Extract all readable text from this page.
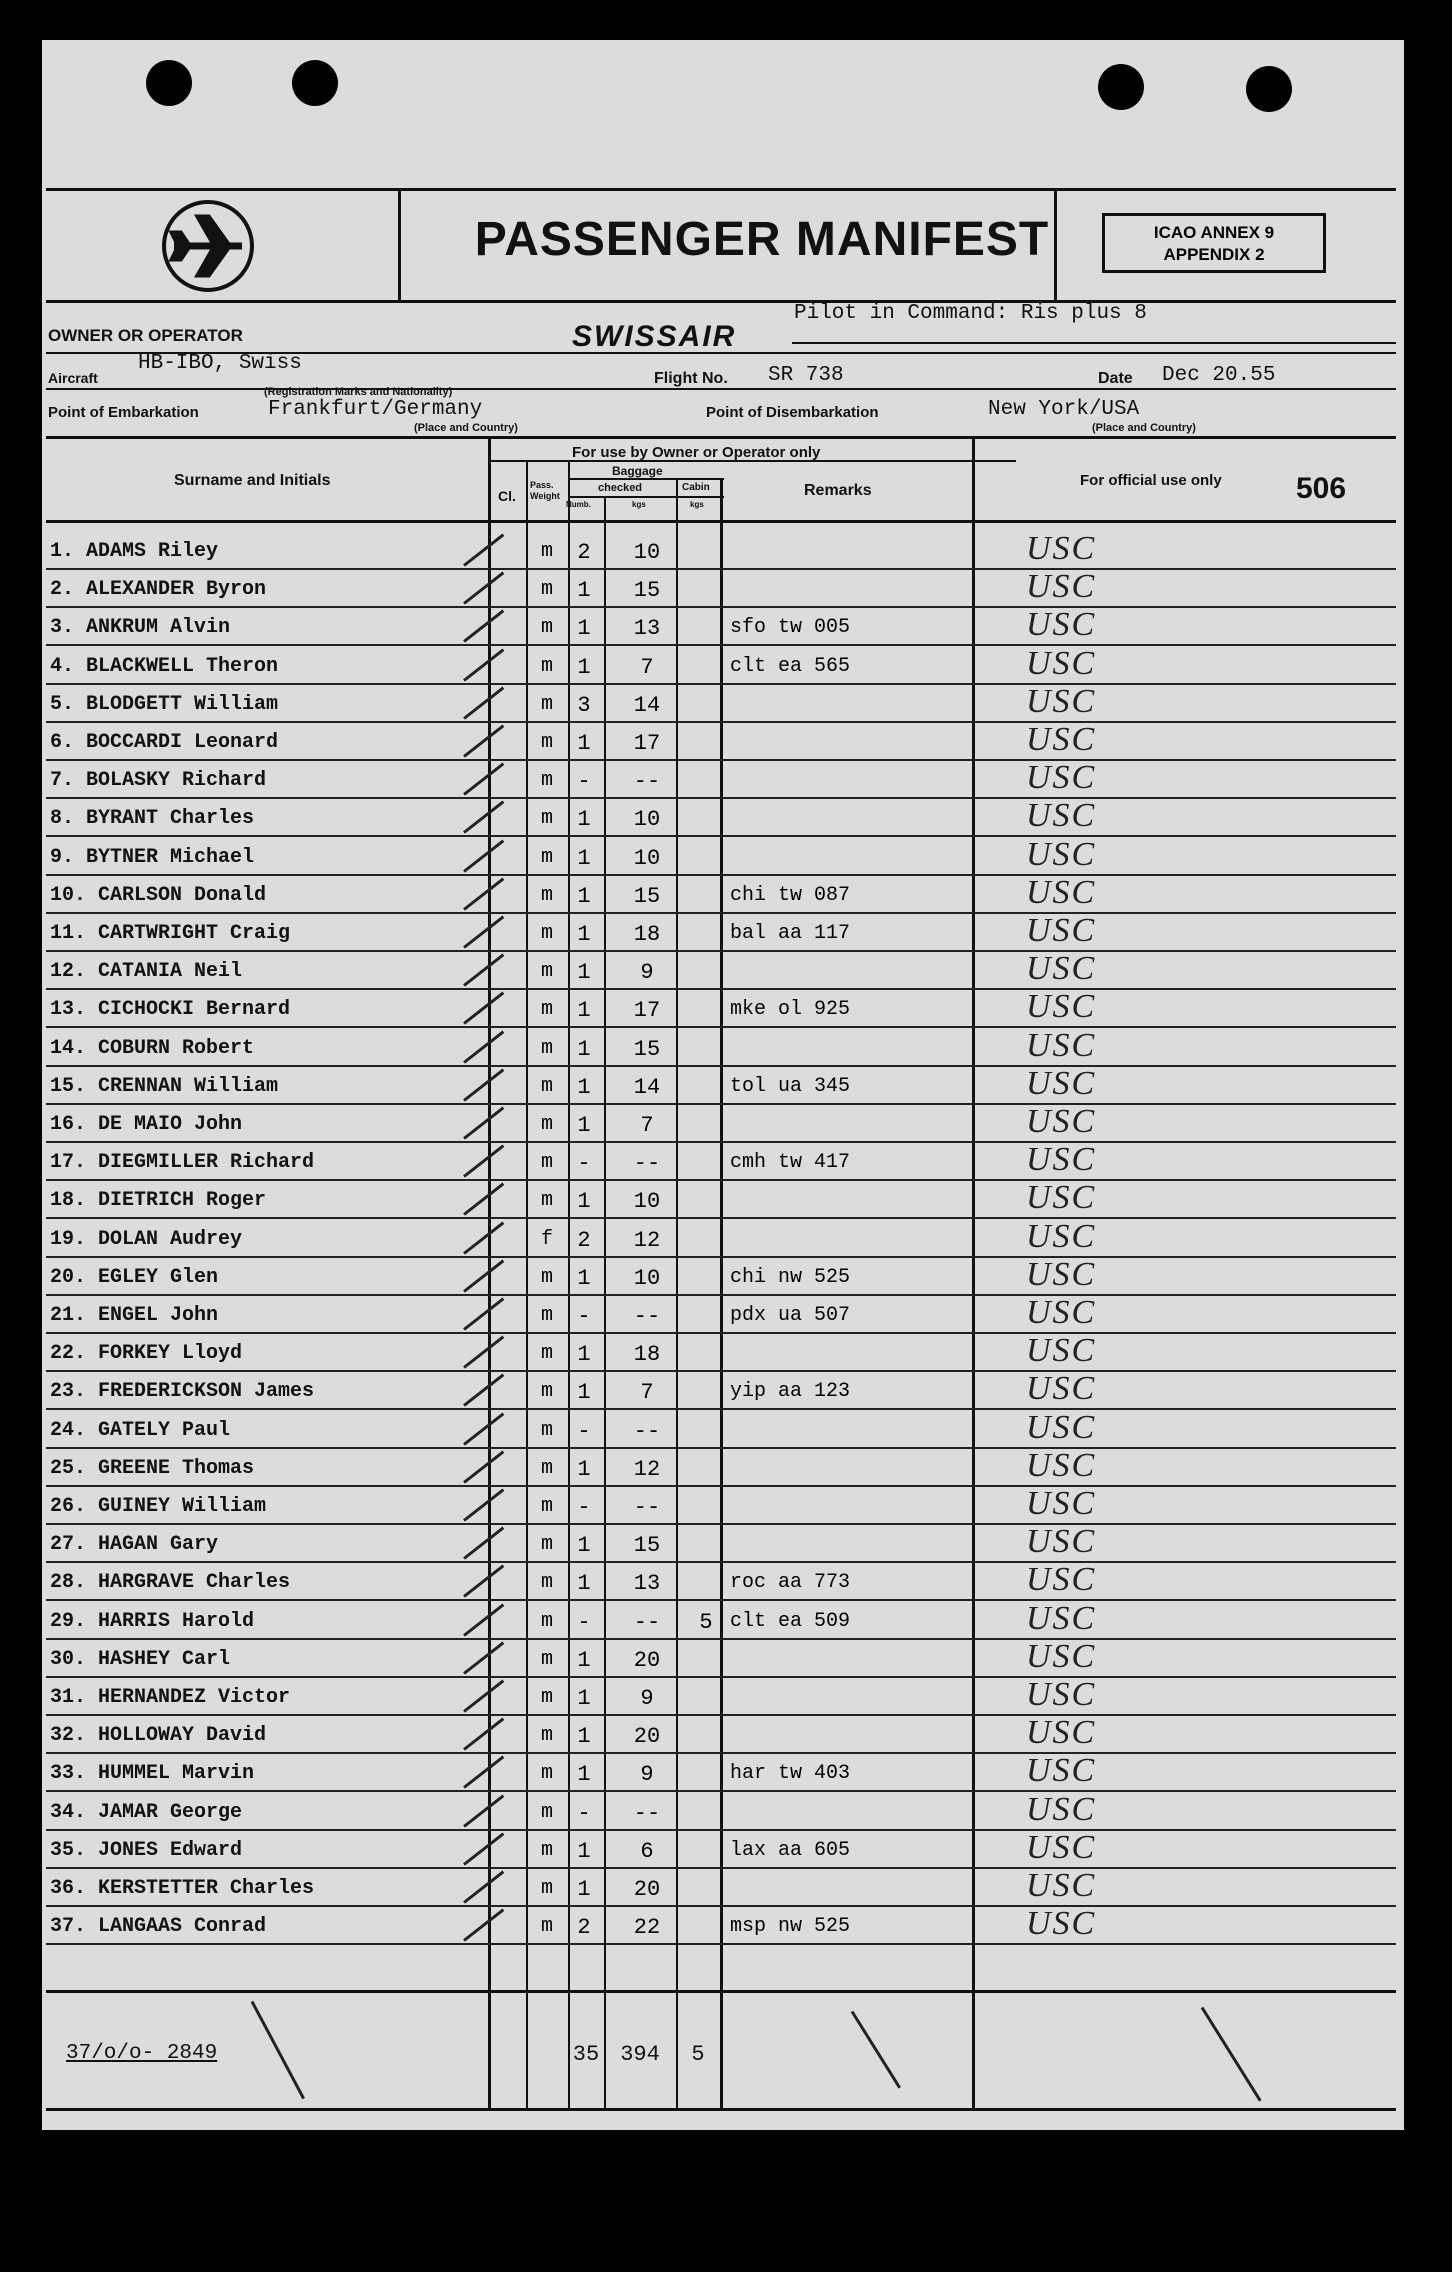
PASSENGER MANIFEST	ICAO ANNEX 9
APPENDIX 2
Pilot in Command: Ris plus 8
SWISSAIR
OWNER OR OPERATOR
Aircraft
HB-IBO, Swiss
(Registration Marks and Nationality)
Flight No. SR 738	Date Dec 20.55
Point of Embarkation	Frankfurt/Germany
(Place and Country)
Point of Disembarkation	New York/USA
(Place and Country)
Surname and Initials
For use by Owner or Operator only
Cl.
Pass. Weight
Baggage
checked	Cabin
Numb.	kgs	kgs
Remarks
For official use only 506
1. ADAMS Riley	m	2	10	USC
2. ALEXANDER Byron	m	1	15	USC
3. ANKRUM Alvin	m	1	13	sfo tw 005	USC
4. BLACKWELL Theron	m	1	7	clt ea 565	USC
5. BLODGETT William	m	3	14	USC
6. BOCCARDI Leonard	m	1	17	USC
7. BOLASKY Richard	m	-	--	USC
8. BYRANT Charles	m	1	10	USC
9. BYTNER Michael	m	1	10	USC
10. CARLSON Donald	m	1	15	chi tw 087	USC
11. CARTWRIGHT Craig	m	1	18	bal aa 117	USC
12. CATANIA Neil	m	1	9	USC
13. CICHOCKI Bernard	m	1	17	mke ol 925	USC
14. COBURN Robert	m	1	15	USC
15. CRENNAN William	m	1	14	tol ua 345	USC
16. DE MAIO John	m	1	7	USC
17. DIEGMILLER Richard	m	-	--	cmh tw 417	USC
18. DIETRICH Roger	m	1	10	USC
19. DOLAN Audrey	f	2	12	USC
20. EGLEY Glen	m	1	10	chi nw 525	USC
21. ENGEL John	m	-	--	pdx ua 507	USC
22. FORKEY Lloyd	m	1	18	USC
23. FREDERICKSON James	m	1	7	yip aa 123	USC
24. GATELY Paul	m	-	--	USC
25. GREENE Thomas	m	1	12	USC
26. GUINEY William	m	-	--	USC
27. HAGAN Gary	m	1	15	USC
28. HARGRAVE Charles	m	1	13	roc aa 773	USC
29. HARRIS Harold	m	-	--	5 clt ea 509	USC
30. HASHEY Carl	m	1	20	USC
31. HERNANDEZ Victor	m	1	9	USC
32. HOLLOWAY David	m	1	20	USC
33. HUMMEL Marvin	m	1	9	har tw 403	USC
34. JAMAR George	m	-	--	USC
35. JONES Edward	m	1	6	lax aa 605	USC
36. KERSTETTER Charles	m	1	20	USC
37. LANGAAS Conrad	m	2	22	msp nw 525	USC
37/o/o- 2849	35 394	5
